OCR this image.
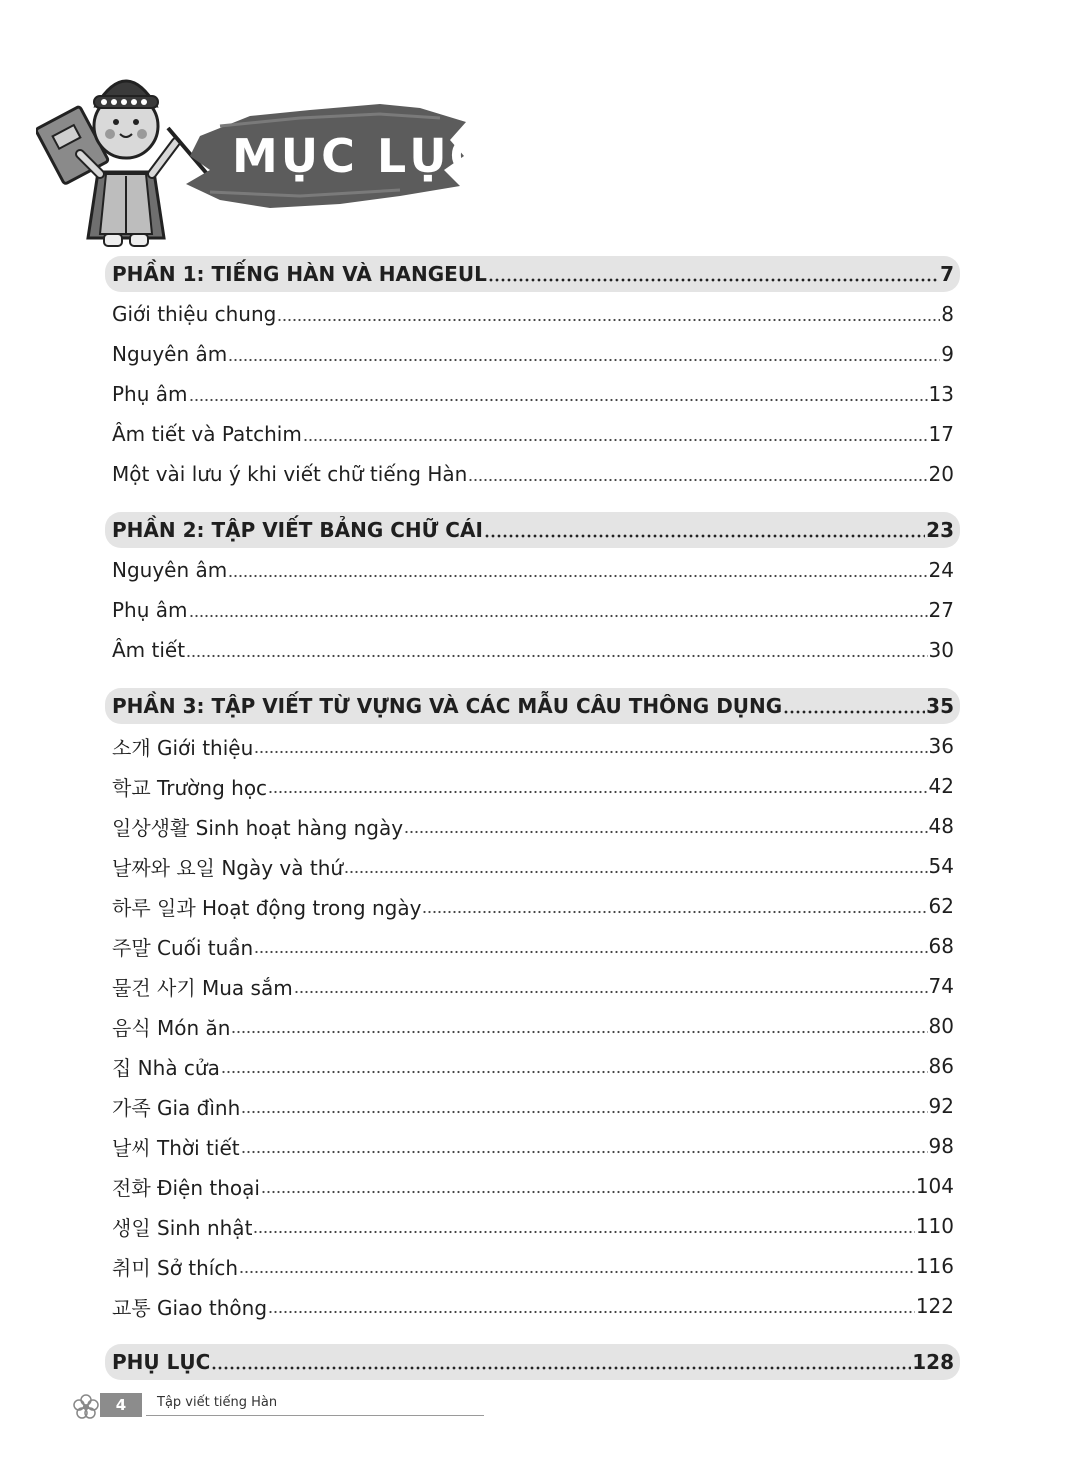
MỤC LỤC
PHẦN 1: TIẾNG HÀN VÀ HANGEUL	7
Giới thiệu chung	8
Nguyên âm	9
Phụ âm	13
Âm tiết và Patchim	17
Một vài lưu ý khi viết chữ tiếng Hàn	20
PHẦN 2: TẬP VIẾT BẢNG CHỮ CÁI	23
Nguyên âm	24
Phụ âm	27
Âm tiết	30
PHẦN 3: TẬP VIẾT TỪ VỰNG VÀ CÁC MẪU CÂU THÔNG DỤNG	35
소개 Giới thiệu	36
학교 Trường học	42
일상생활 Sinh hoạt hàng ngày	48
날짜와 요일 Ngày và thứ	54
하루 일과 Hoạt động trong ngày	62
주말 Cuối tuần	68
물건 사기 Mua sắm	74
음식 Món ăn	80
집 Nhà cửa	86
가족 Gia đình	92
날씨 Thời tiết	98
전화 Điện thoại	104
생일 Sinh nhật	110
취미 Sở thích	116
교통 Giao thông	122
PHỤ LỤC	128
4	Tập viết tiếng Hàn
